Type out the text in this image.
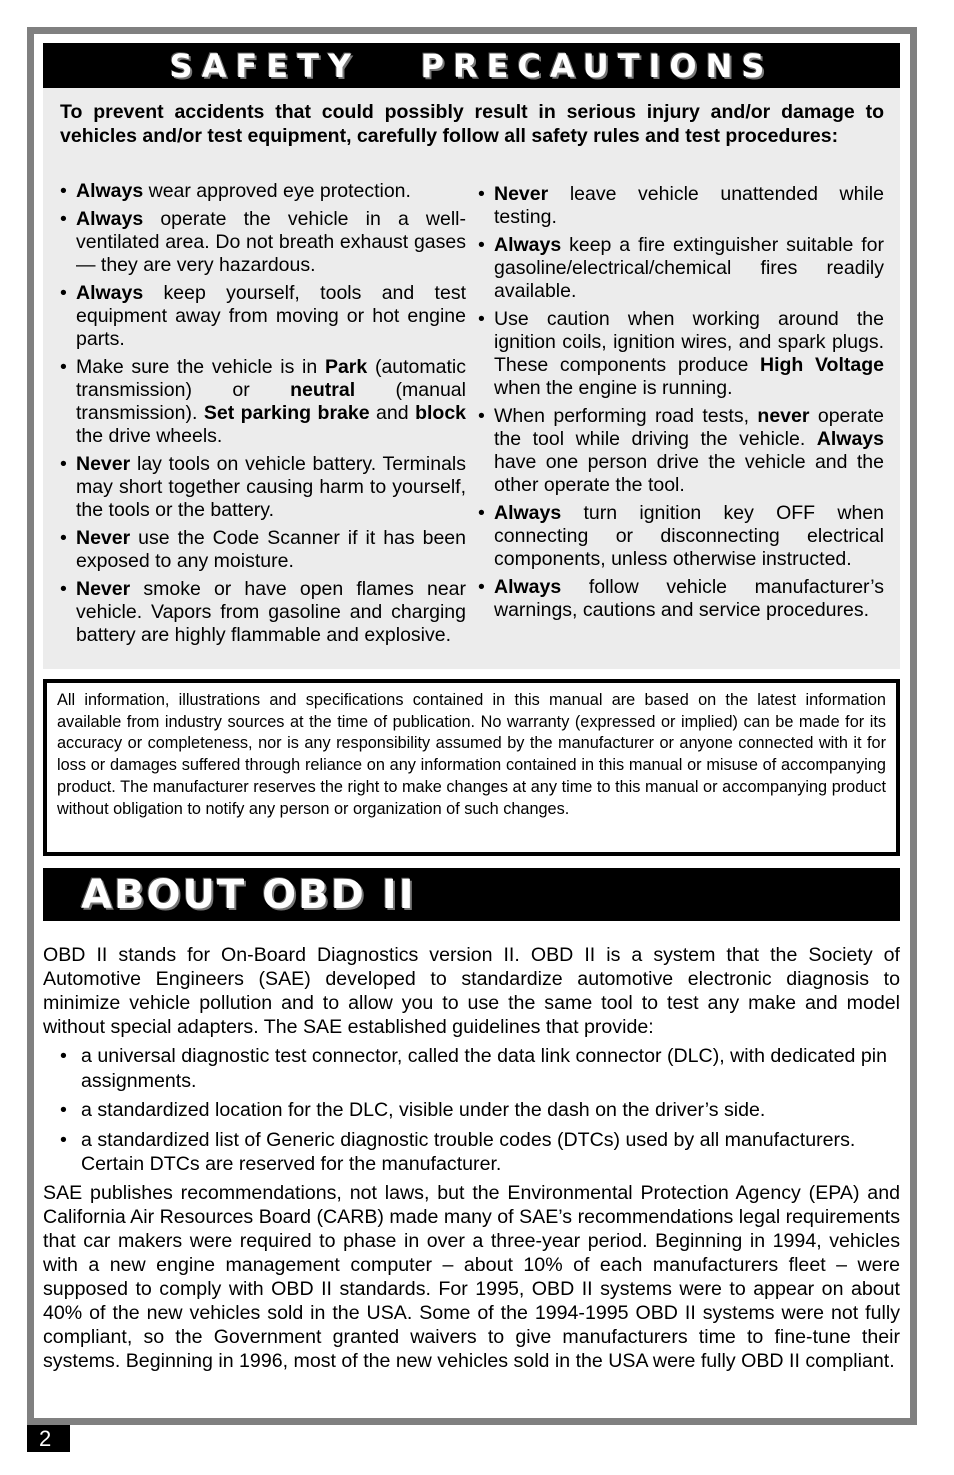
SAFETY   PRECAUTIONS

To prevent accidents that could possibly result in serious injury and/or damage to vehicles and/or test equipment, carefully follow all safety rules and test procedures:

• Always wear approved eye protection.
• Always operate the vehicle in a well-ventilated area. Do not breath exhaust gases — they are very hazardous.
• Always keep yourself, tools and test equipment away from moving or hot engine parts.
• Make sure the vehicle is in Park (automatic transmission) or neutral (manual transmission). Set parking brake and block the drive wheels.
• Never lay tools on vehicle battery. Terminals may short together causing harm to yourself, the tools or the battery.
• Never use the Code Scanner if it has been exposed to any moisture.
• Never smoke or have open flames near vehicle. Vapors from gasoline and charging battery are highly flammable and explosive.
• Never leave vehicle unattended while testing.
• Always keep a fire extinguisher suitable for gasoline/electrical/chemical fires readily available.
• Use caution when working around the ignition coils, ignition wires, and spark plugs. These components produce High Voltage when the engine is running.
• When performing road tests, never operate the tool while driving the vehicle. Always have one person drive the vehicle and the other operate the tool.
• Always turn ignition key OFF when connecting or disconnecting electrical components, unless otherwise instructed.
• Always follow vehicle manufacturer’s warnings, cautions and service procedures.
All information, illustrations and specifications contained in this manual are based on the latest information available from industry sources at the time of publication. No warranty (expressed or implied) can be made for its accuracy or completeness, nor is any responsibility assumed by the manufacturer or anyone connected with it for loss or damages suffered through reliance on any information contained in this manual or misuse of accompanying product. The manufacturer reserves the right to make changes at any time to this manual or accompanying product without obligation to notify any person or organization of such changes.
ABOUT OBD II

OBD II stands for On-Board Diagnostics version II. OBD II is a system that the Society of Automotive Engineers (SAE) developed to standardize automotive electronic diagnosis to minimize vehicle pollution and to allow you to use the same tool to test any make and model without special adapters. The SAE established guidelines that provide:

• a universal diagnostic test connector, called the data link connector (DLC), with dedicated pin assignments.
• a standardized location for the DLC, visible under the dash on the driver’s side.
• a standardized list of Generic diagnostic trouble codes (DTCs) used by all manufacturers. Certain DTCs are reserved for the manufacturer.

SAE publishes recommendations, not laws, but the Environmental Protection Agency (EPA) and California Air Resources Board (CARB) made many of SAE’s recommendations legal requirements that car makers were required to phase in over a three-year period. Beginning in 1994, vehicles with a new engine management computer – about 10% of each manufacturers fleet – were supposed to comply with OBD II standards. For 1995, OBD II systems were to appear on about 40% of the new vehicles sold in the USA. Some of the 1994-1995 OBD II systems were not fully compliant, so the Government granted waivers to give manufacturers time to fine-tune their systems. Beginning in 1996, most of the new vehicles sold in the USA were fully OBD II compliant.

2
